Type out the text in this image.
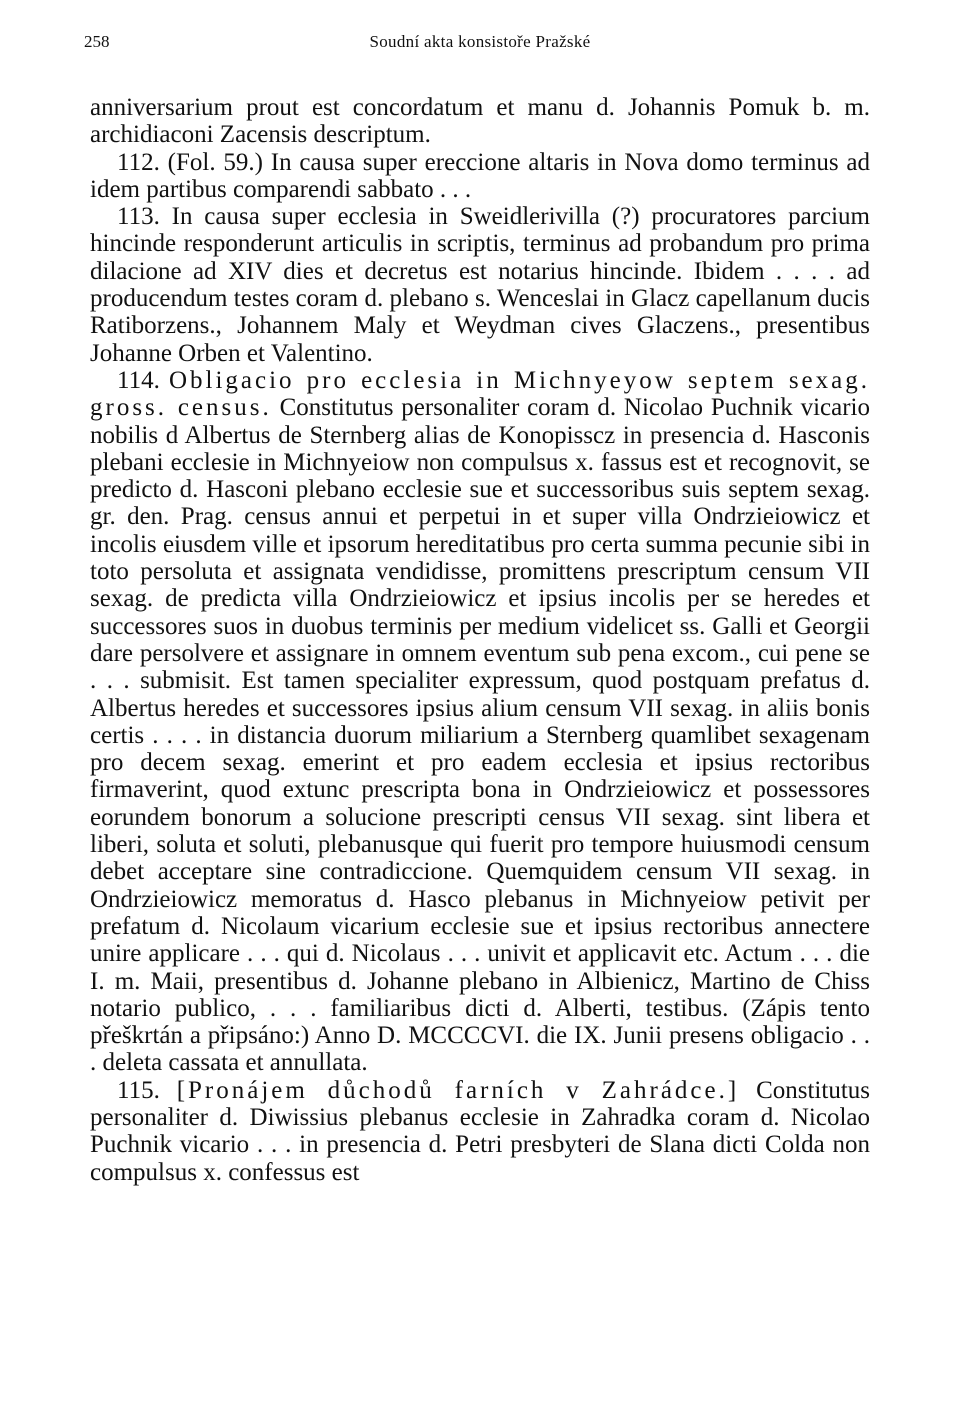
258	Soudní akta konsistoře Pražské

anniversarium prout est concordatum et manu d. Johannis Pomuk b. m. archidiaconi Zacensis descriptum.

112. (Fol. 59.) In causa super ereccione altaris in Nova domo terminus ad idem partibus comparendi sabbato . . .

113. In causa super ecclesia in Sweidlerivilla (?) procuratores parcium hincinde responderunt articulis in scriptis, terminus ad probandum pro prima dilacione ad XIV dies et decretus est notarius hincinde. Ibidem . . . . ad producendum testes coram d. plebano s. Wenceslai in Glacz capellanum ducis Ratiborzens., Johannem Maly et Weydman cives Glaczens., presentibus Johanne Orben et Valentino.

114. Obligacio pro ecclesia in Michnyeyow septem sexag. gross. census. Constitutus personaliter coram d. Nicolao Puchnik vicario nobilis d Albertus de Sternberg alias de Konopisscz in presencia d. Hasconis plebani ecclesie in Michnyeiow non compulsus x. fassus est et recognovit, se predicto d. Hasconi plebano ecclesie sue et successoribus suis septem sexag. gr. den. Prag. census annui et perpetui in et super villa Ondrzieiowicz et incolis eiusdem ville et ipsorum hereditatibus pro certa summa pecunie sibi in toto persoluta et assignata vendidisse, promittens prescriptum censum VII sexag. de predicta villa Ondrzieiowicz et ipsius incolis per se heredes et successores suos in duobus terminis per medium videlicet ss. Galli et Georgii dare persolvere et assignare in omnem eventum sub pena excom., cui pene se . . . submisit. Est tamen specialiter expressum, quod postquam prefatus d. Albertus heredes et successores ipsius alium censum VII sexag. in aliis bonis certis . . . . in distancia duorum miliarium a Sternberg quamlibet sexagenam pro decem sexag. emerint et pro eadem ecclesia et ipsius rectoribus firmaverint, quod extunc prescripta bona in Ondrzieiowicz et possessores eorundem bonorum a solucione prescripti census VII sexag. sint libera et liberi, soluta et soluti, plebanusque qui fuerit pro tempore huiusmodi censum debet acceptare sine contradiccione. Quemquidem censum VII sexag. in Ondrzieiowicz memoratus d. Hasco plebanus in Michnyeiow petivit per prefatum d. Nicolaum vicarium ecclesie sue et ipsius rectoribus annectere unire applicare . . . qui d. Nicolaus . . . univit et applicavit etc. Actum . . . die I. m. Maii, presentibus d. Johanne plebano in Albienicz, Martino de Chiss notario publico, . . . familiaribus dicti d. Alberti, testibus. (Zápis tento přeškrtán a připsáno:) Anno D. MCCCCVI. die IX. Junii presens obligacio . . . deleta cassata et annullata.

115. [Pronájem důchodů farních v Zahrádce.] Constitutus personaliter d. Diwissius plebanus ecclesie in Zahradka coram d. Nicolao Puchnik vicario . . . in presencia d. Petri presbyteri de Slana dicti Colda non compulsus x. confessus est
